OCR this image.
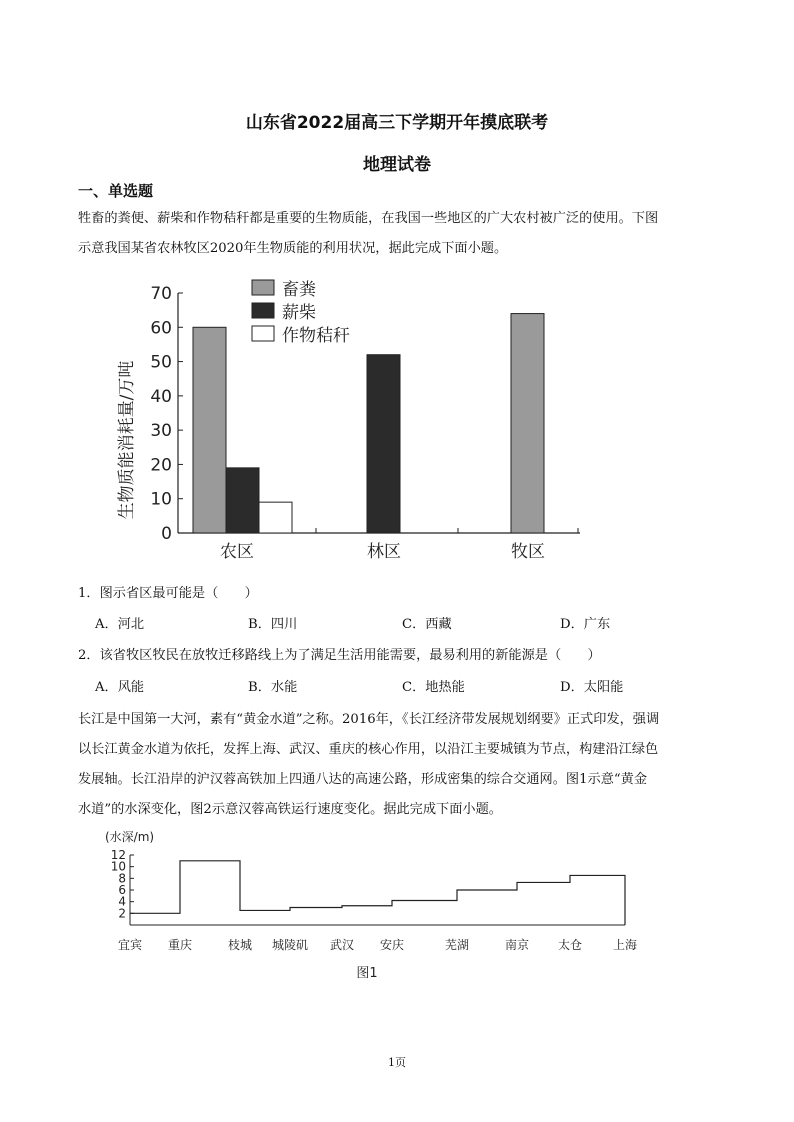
山东省2022届高三下学期开年摸底联考
地理试卷
一、单选题
牲畜的粪便、薪柴和作物秸秆都是重要的生物质能，在我国一些地区的广大农村被广泛的使用。下图
示意我国某省农林牧区2020年生物质能的利用状况，据此完成下面小题。
0
10
20
30
40
50
60
70
农区	林区	牧区
畜粪
薪柴
作物秸秆
生物质能消耗量/万吨
1．图示省区最可能是（　　）
A．河北	B．四川	C．西藏	D．广东
2．该省牧区牧民在放牧迁移路线上为了满足生活用能需要，最易利用的新能源是（　　）
A．风能	B．水能	C．地热能	D．太阳能
长江是中国第一大河，素有“黄金水道”之称。2016年，《长江经济带发展规划纲要》正式印发，强调
以长江黄金水道为依托，发挥上海、武汉、重庆的核心作用，以沿江主要城镇为节点，构建沿江绿色
发展轴。长江沿岸的沪汉蓉高铁加上四通八达的高速公路，形成密集的综合交通网。图1示意“黄金
水道”的水深变化，图2示意汉蓉高铁运行速度变化。据此完成下面小题。
(水深/m)
2
4
6
8
10
12
宜宾 重庆	枝城 城陵矶 武汉 安庆	芜湖	南京 太仓	上海
图1
1页
